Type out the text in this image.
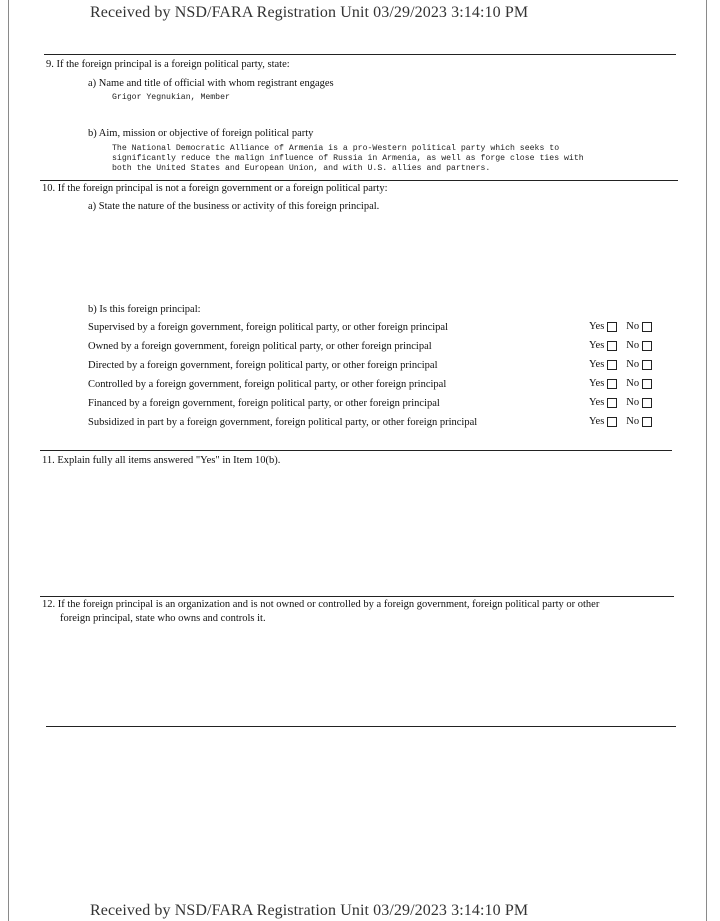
Received by NSD/FARA Registration Unit 03/29/2023 3:14:10 PM
9. If the foreign principal is a foreign political party, state:
a) Name and title of official with whom registrant engages
Grigor Yegnukian, Member
b) Aim, mission or objective of foreign political party
The National Democratic Alliance of Armenia is a pro-Western political party which seeks to
significantly reduce the malign influence of Russia in Armenia, as well as forge close ties with
both the United States and European Union, and with U.S. allies and partners.
10. If the foreign principal is not a foreign government or a foreign political party:
a) State the nature of the business or activity of this foreign principal.
b) Is this foreign principal:
Supervised by a foreign government, foreign political party, or other foreign principal	Yes No
Owned by a foreign government, foreign political party, or other foreign principal	Yes No
Directed by a foreign government, foreign political party, or other foreign principal	Yes No
Controlled by a foreign government, foreign political party, or other foreign principal	Yes No
Financed by a foreign government, foreign political party, or other foreign principal	Yes No
Subsidized in part by a foreign government, foreign political party, or other foreign principal	Yes No
11. Explain fully all items answered "Yes" in Item 10(b).
12. If the foreign principal is an organization and is not owned or controlled by a foreign government, foreign political party or other
foreign principal, state who owns and controls it.
Received by NSD/FARA Registration Unit 03/29/2023 3:14:10 PM
